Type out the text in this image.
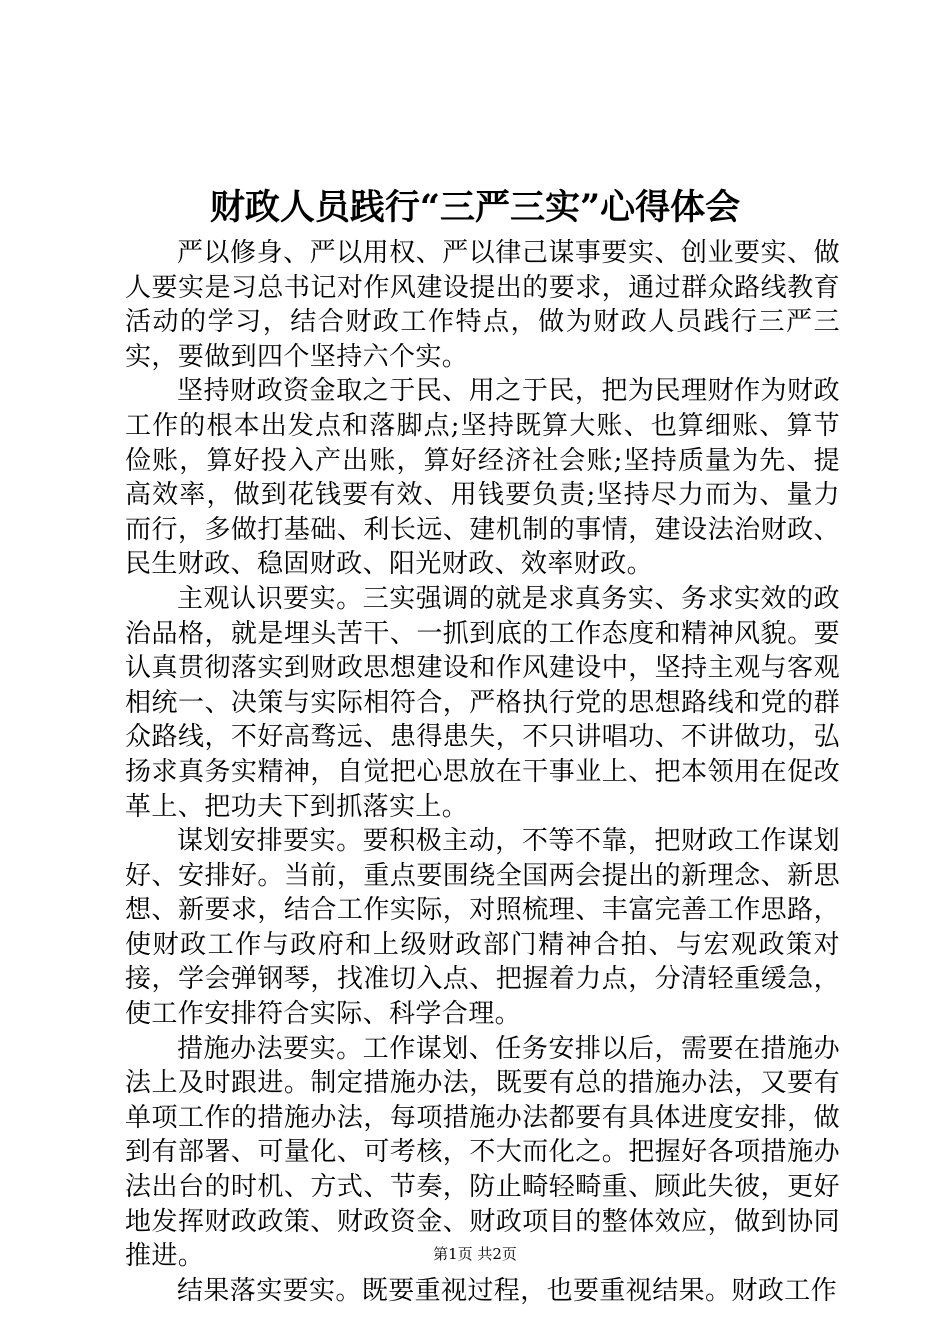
财政人员践行“三严三实”心得体会

严以修身、严以用权、严以律己谋事要实、创业要实、做人要实是习总书记对作风建设提出的要求，通过群众路线教育活动的学习，结合财政工作特点，做为财政人员践行三严三实，要做到四个坚持六个实。

坚持财政资金取之于民、用之于民，把为民理财作为财政工作的根本出发点和落脚点;坚持既算大账、也算细账、算节俭账，算好投入产出账，算好经济社会账;坚持质量为先、提高效率，做到花钱要有效、用钱要负责;坚持尽力而为、量力而行，多做打基础、利长远、建机制的事情，建设法治财政、民生财政、稳固财政、阳光财政、效率财政。

主观认识要实。三实强调的就是求真务实、务求实效的政治品格，就是埋头苦干、一抓到底的工作态度和精神风貌。要认真贯彻落实到财政思想建设和作风建设中，坚持主观与客观相统一、决策与实际相符合，严格执行党的思想路线和党的群众路线，不好高骛远、患得患失，不只讲唱功、不讲做功，弘扬求真务实精神，自觉把心思放在干事业上、把本领用在促改革上、把功夫下到抓落实上。

谋划安排要实。要积极主动，不等不靠，把财政工作谋划好、安排好。当前，重点要围绕全国两会提出的新理念、新思想、新要求，结合工作实际，对照梳理、丰富完善工作思路，使财政工作与政府和上级财政部门精神合拍、与宏观政策对接，学会弹钢琴，找准切入点、把握着力点，分清轻重缓急，使工作安排符合实际、科学合理。

措施办法要实。工作谋划、任务安排以后，需要在措施办法上及时跟进。制定措施办法，既要有总的措施办法，又要有单项工作的措施办法，每项措施办法都要有具体进度安排，做到有部署、可量化、可考核，不大而化之。把握好各项措施办法出台的时机、方式、节奏，防止畸轻畸重、顾此失彼，更好地发挥财政政策、财政资金、财政项目的整体效应，做到协同推进。

结果落实要实。既要重视过程，也要重视结果。财政工作

第1页 共2页
